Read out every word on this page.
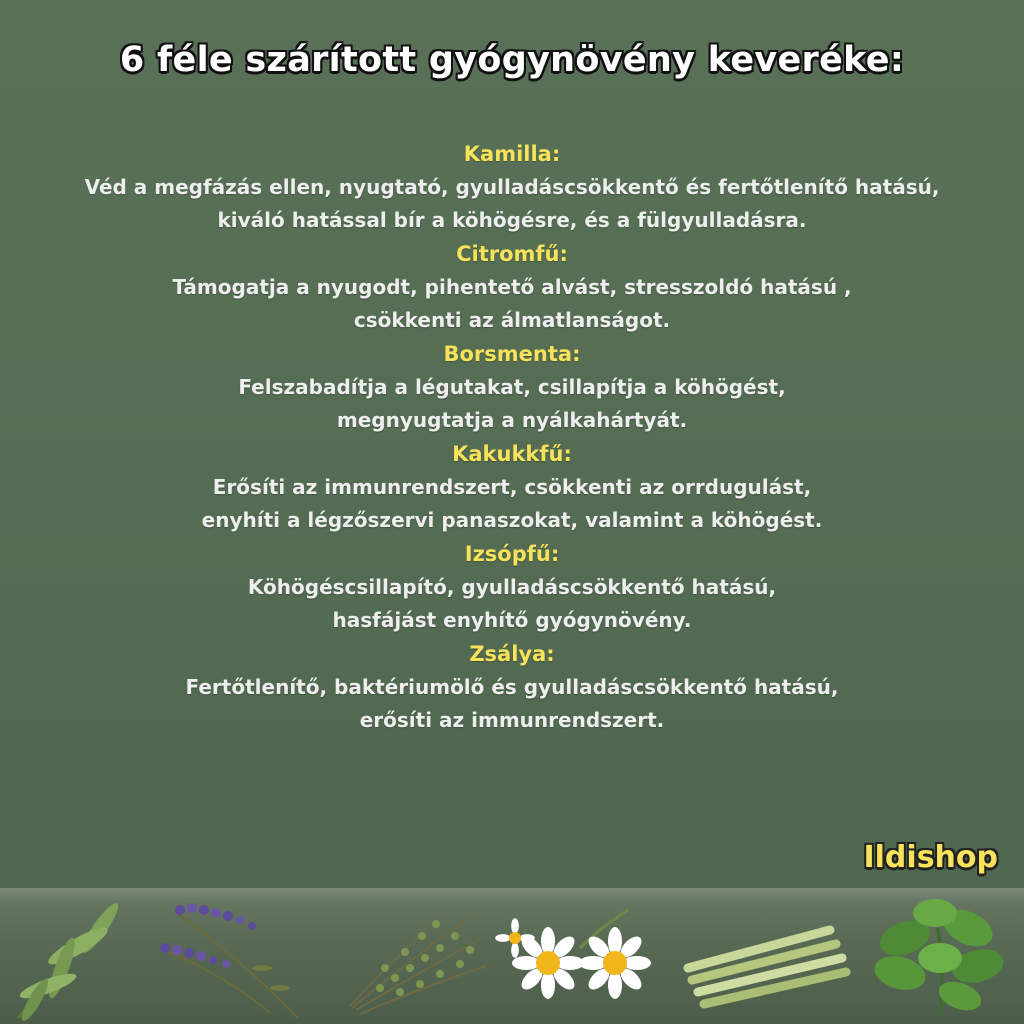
6 féle szárított gyógynövény keveréke:
Kamilla:
Véd a megfázás ellen, nyugtató, gyulladáscsökkentő és fertőtlenítő hatású,
kiváló hatással bír a köhögésre, és a fülgyulladásra.
Citromfű:
Támogatja a nyugodt, pihentető alvást, stresszoldó hatású ,
csökkenti az álmatlanságot.
Borsmenta:
Felszabadítja a légutakat, csillapítja a köhögést,
megnyugtatja a nyálkahártyát.
Kakukkfű:
Erősíti az immunrendszert, csökkenti az orrdugulást,
enyhíti a légzőszervi panaszokat, valamint a köhögést.
Izsópfű:
Köhögéscsillapító, gyulladáscsökkentő hatású,
hasfájást enyhítő gyógynövény.
Zsálya:
Fertőtlenítő, baktériumölő és gyulladáscsökkentő hatású,
erősíti az immunrendszert.
Ildishop
